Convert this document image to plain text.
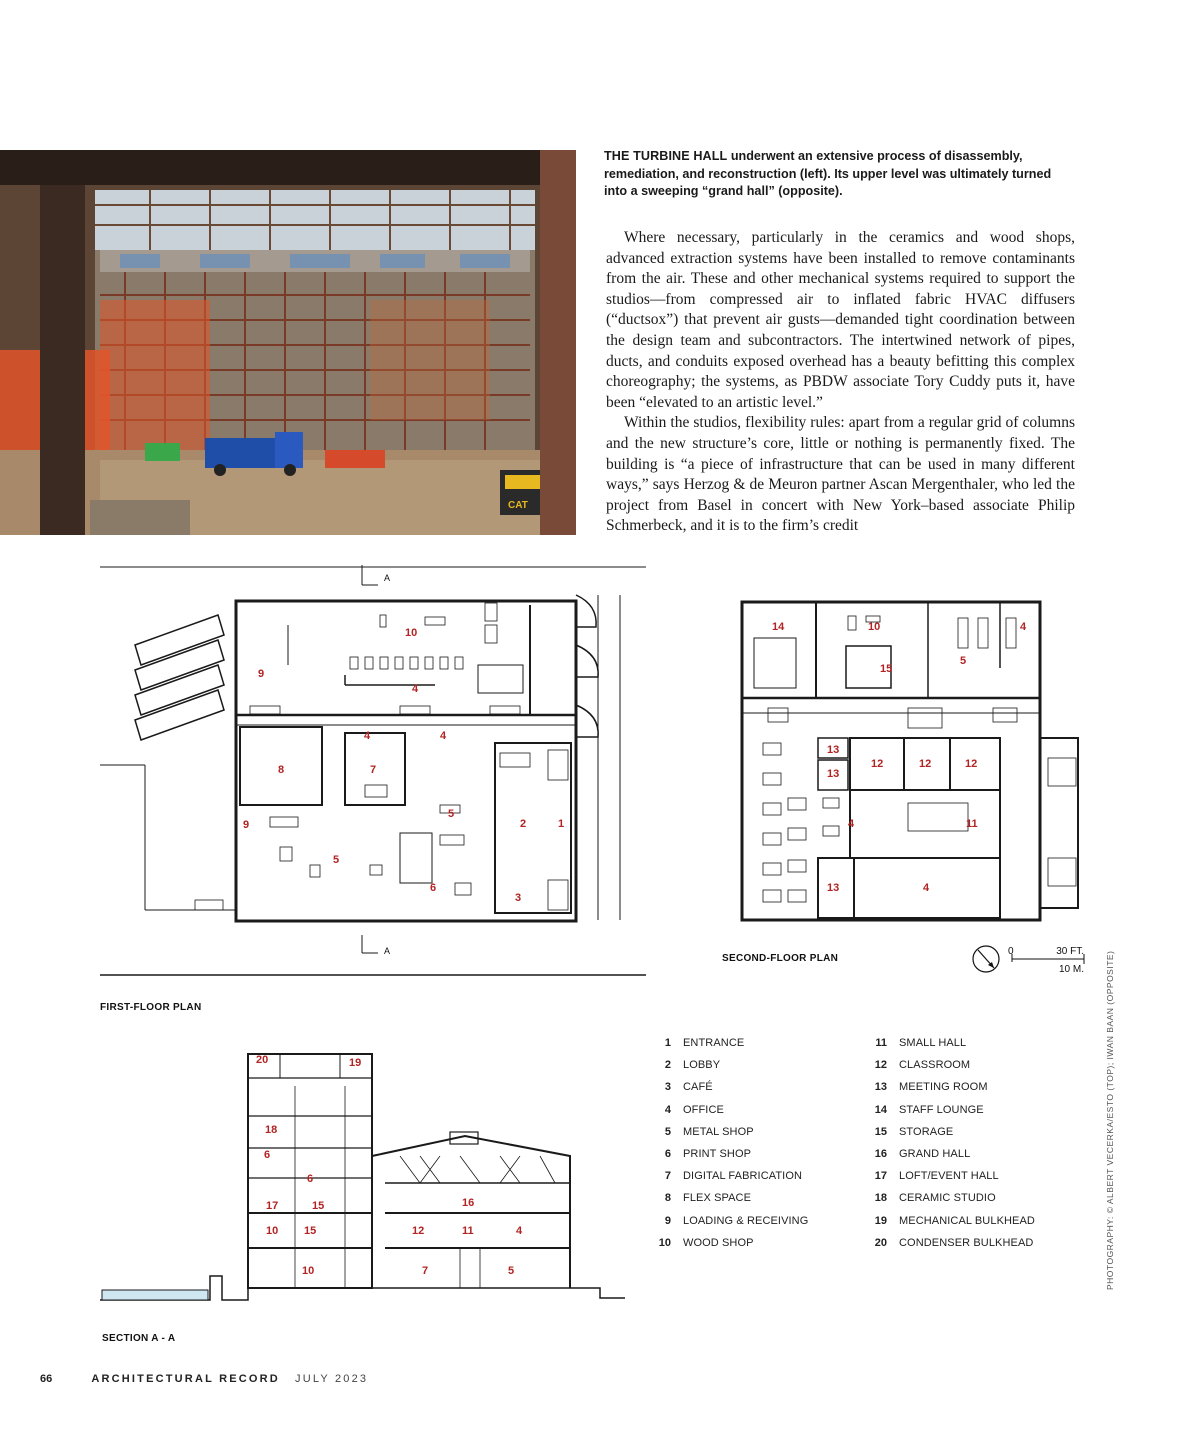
CAT

THE TURBINE HALL underwent an extensive process of disassembly, remediation, and reconstruction (left). Its upper level was ultimately turned into a sweeping “grand hall” (opposite).

Where necessary, particularly in the ceramics and wood shops, advanced extraction systems have been installed to remove contaminants from the air. These and other mechanical systems required to support the studios—from compressed air to inflated fabric HVAC diffusers (“ductsox”) that prevent air gusts—demanded tight coordination between the design team and subcontractors. The intertwined network of pipes, ducts, and conduits exposed overhead has a beauty befitting this complex choreography; the systems, as PBDW associate Tory Cuddy puts it, have been “elevated to an artistic level.”

Within the studios, flexibility rules: apart from a regular grid of columns and the new structure’s core, little or nothing is permanently fixed. The building is “a piece of infrastructure that can be used in many different ways,” says Herzog & de Meuron partner Ascan Mergenthaler, who led the project from Basel in concert with New York–based associate Philip Schmerbeck, and it is to the firm’s credit

A
A
10
9
4
4	4
8	7
5
2	1
9
5
6
3
FIRST-FLOOR PLAN
14	10	4
5
15
13
13
12	12	12
4	11
13	4
SECOND-FLOOR PLAN
0	30 FT.
10 M.
20	19
18
6
6
17	15
10 15
10
16
12	11	4
7	5
SECTION A - A
1 ENTRANCE
2 LOBBY
3 CAFÉ
4 OFFICE
5 METAL SHOP
6 PRINT SHOP
7 DIGITAL FABRICATION
8 FLEX SPACE
9 LOADING & RECEIVING
10 WOOD SHOP
11 SMALL HALL
12 CLASSROOM
13 MEETING ROOM
14 STAFF LOUNGE
15 STORAGE
16 GRAND HALL
17 LOFT/EVENT HALL
18 CERAMIC STUDIO
19 MECHANICAL BULKHEAD
20 CONDENSER BULKHEAD	PHOTOGRAPHY: © ALBERT VECERKA/ESTO (TOP); IWAN BAAN (OPPOSITE)
66	ARCHITECTURAL RECORD JULY 2023
